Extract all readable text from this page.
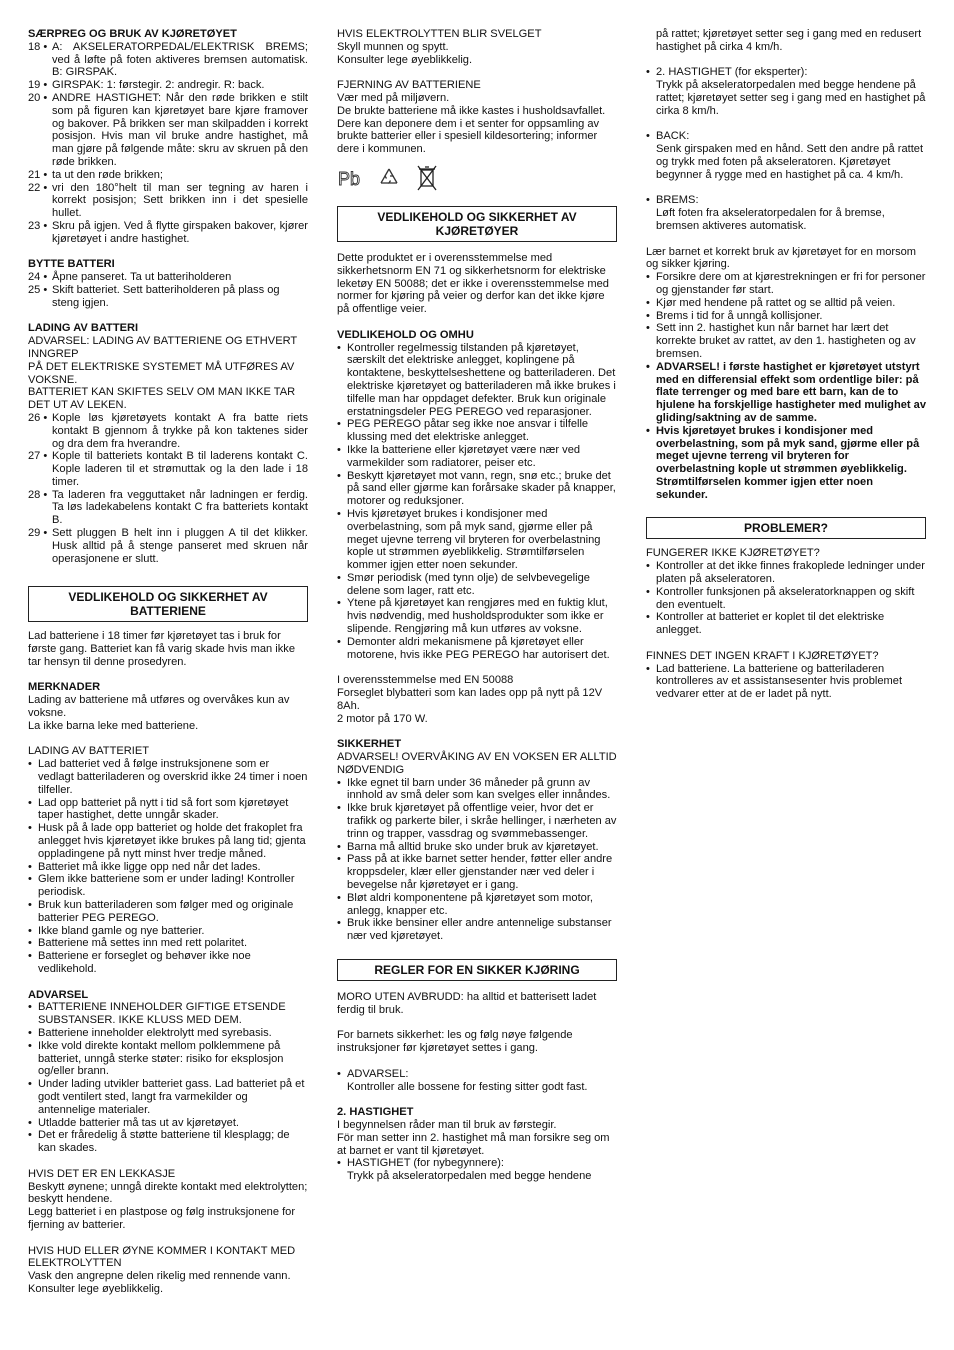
SÆRPREG OG BRUK AV KJØRETØYET

18 • A: AKSELERATORPEDAL/ELEKTRISK BREMS; ved å løfte på foten aktiveres bremsen automatisk. B: GIRSPAK.
19 • GIRSPAK: 1: førstegir. 2: andregir. R: back.
20 • ANDRE HASTIGHET: Når den røde brikken e stilt som på figuren kan kjøretøyet bare kjøre framover og bakover. På brikken ser man skilpadden i korrekt posisjon. Hvis man vil bruke andre hastighet, må man gjøre på følgende måte: skru av skruen på den røde brikken.
21 • ta ut den røde brikken;
22 • vri den 180°helt til man ser tegning av haren i korrekt posisjon; Sett brikken inn i det spesielle hullet.
23 • Skru på igjen. Ved å flytte girspaken bakover, kjører kjøretøyet i andre hastighet.

BYTTE BATTERI

24 • Åpne panseret. Ta ut batteriholderen
25 • Skift batteriet. Sett batteriholderen på plass og steng igjen.

LADING AV BATTERI

ADVARSEL: LADING AV BATTERIENE OG ETHVERT INNGREP

PÅ DET ELEKTRISKE SYSTEMET MÅ UTFØRES AV VOKSNE.

BATTERIET KAN SKIFTES SELV OM MAN IKKE TAR DET UT AV LEKEN.

26 • Kople løs kjøretøyets kontakt A fra batte riets kontakt B gjennom å trykke på kon taktenes sider og dra dem fra hverandre.
27 • Kople til batteriets kontakt B til laderens kontakt C. Kople laderen til et strømuttak og la den lade i 18 timer.
28 • Ta laderen fra vegguttaket når ladningen er ferdig. Ta løs ladekabelens kontakt C fra batteriets kontakt B.
29 • Sett pluggen B helt inn i pluggen A til det klikker. Husk alltid på å stenge panseret med skruen når operasjonene er slutt.
VEDLIKEHOLD OG SIKKERHET AV BATTERIENE

Lad batteriene i 18 timer før kjøretøyet tas i bruk for første gang. Batteriet kan få varig skade hvis man ikke tar hensyn til denne prosedyren.

MERKNADER

Lading av batteriene må utføres og overvåkes kun av voksne.

La ikke barna leke med batteriene.

LADING AV BATTERIET

• Lad batteriet ved å følge instruksjonene som er vedlagt batteriladeren og overskrid ikke 24 timer i noen tilfeller.
• Lad opp batteriet på nytt i tid så fort som kjøretøyet taper hastighet, dette unngår skader.
• Husk på å lade opp batteriet og holde det frakoplet fra anlegget hvis kjøretøyet ikke brukes på lang tid; gjenta oppladingene på nytt minst hver tredje måned.
• Batteriet må ikke ligge opp ned når det lades.
• Glem ikke batteriene som er under lading! Kontroller periodisk.
• Bruk kun batteriladeren som følger med og originale batterier PEG PEREGO.
• Ikke bland gamle og nye batterier.
• Batteriene må settes inn med rett polaritet.
• Batteriene er forseglet og behøver ikke noe vedlikehold.

ADVARSEL

• BATTERIENE INNEHOLDER GIFTIGE ETSENDE SUBSTANSER. IKKE KLUSS MED DEM.
• Batteriene inneholder elektrolytt med syrebasis.
• Ikke vold direkte kontakt mellom polklemmene på batteriet, unngå sterke støter: risiko for eksplosjon og/eller brann.
• Under lading utvikler batteriet gass. Lad batteriet på et godt ventilert sted, langt fra varmekilder og antennelige materialer.
• Utladde batterier må tas ut av kjøretøyet.
• Det er fråredelig å støtte batteriene til klesplagg; de kan skades.

HVIS DET ER EN LEKKASJE

Beskytt øynene; unngå direkte kontakt med elektrolytten; beskytt hendene.

Legg batteriet i en plastpose og følg instruksjonene for fjerning av batterier.

HVIS HUD ELLER ØYNE KOMMER I KONTAKT MED ELEKTROLYTTEN

Vask den angrepne delen rikelig med rennende vann. Konsulter lege øyeblikkelig.

HVIS ELEKTROLYTTEN BLIR SVELGET

Skyll munnen og spytt.

Konsulter lege øyeblikkelig.

FJERNING AV BATTERIENE

Vær med på miljøvern.

De brukte batteriene må ikke kastes i husholdsavfallet.

Dere kan deponere dem i et senter for oppsamling av brukte batterier eller i spesiell kildesortering; informer dere i kommunen.

Pb
VEDLIKEHOLD OG SIKKERHET AV KJØRETØYER

Dette produktet er i overensstemmelse med sikkerhetsnorm EN 71 og sikkerhetsnorm for elektriske leketøy EN 50088; det er ikke i overensstemmelse med normer for kjøring på veier og derfor kan det ikke kjøre på offentlige veier.

VEDLIKEHOLD OG OMHU

• Kontroller regelmessig tilstanden på kjøretøyet, særskilt det elektriske anlegget, koplingene på kontaktene, beskyttelseshettene og batteriladeren. Det elektriske kjøretøyet og batteriladeren må ikke brukes i tilfelle man har oppdaget defekter. Bruk kun originale erstatningsdeler PEG PEREGO ved reparasjoner.
• PEG PEREGO påtar seg ikke noe ansvar i tilfelle klussing med det elektriske anlegget.
• Ikke la batteriene eller kjøretøyet være nær ved varmekilder som radiatorer, peiser etc.
• Beskytt kjøretøyet mot vann, regn, snø etc.; bruke det på sand eller gjørme kan forårsake skader på knapper, motorer og reduksjoner.
• Hvis kjøretøyet brukes i kondisjoner med overbelastning, som på myk sand, gjørme eller på meget ujevne terreng vil bryteren for overbelastning kople ut strømmen øyeblikkelig. Strømtilførselen kommer igjen etter noen sekunder.
• Smør periodisk (med tynn olje) de selvbevegelige delene som lager, ratt etc.
• Ytene på kjøretøyet kan rengjøres med en fuktig klut, hvis nødvendig, med husholdsprodukter som ikke er slipende. Rengjøring må kun utføres av voksne.
• Demonter aldri mekanismene på kjøretøyet eller motorene, hvis ikke PEG PEREGO har autorisert det.

I overensstemmelse med EN 50088

Forseglet blybatteri som kan lades opp på nytt på 12V 8Ah.

2 motor på 170 W.

SIKKERHET

ADVARSEL! OVERVÅKING AV EN VOKSEN ER ALLTID NØDVENDIG

• Ikke egnet til barn under 36 måneder på grunn av innhold av små deler som kan svelges eller innåndes.
• Ikke bruk kjøretøyet på offentlige veier, hvor det er trafikk og parkerte biler, i skråe hellinger, i nærheten av trinn og trapper, vassdrag og svømmebassenger.
• Barna må alltid bruke sko under bruk av kjøretøyet.
• Pass på at ikke barnet setter hender, føtter eller andre kroppsdeler, klær eller gjenstander nær ved deler i bevegelse når kjøretøyet er i gang.
• Bløt aldri komponentene på kjøretøyet som motor, anlegg, knapper etc.
• Bruk ikke bensiner eller andre antennelige substanser nær ved kjøretøyet.
REGLER FOR EN SIKKER KJØRING

MORO UTEN AVBRUDD: ha alltid et batterisett ladet ferdig til bruk.

For barnets sikkerhet: les og følg nøye følgende instruksjoner før kjøretøyet settes i gang.

• ADVARSEL:
Kontroller alle bossene for festing sitter godt fast.

2. HASTIGHET

I begynnelsen råder man til bruk av førstegir.

För man setter inn 2. hastighet må man forsikre seg om at barnet er vant til kjøretøyet.

• HASTIGHET (for nybegynnere):
Trykk på akseleratorpedalen med begge hendene

på rattet; kjøretøyet setter seg i gang med en redusert hastighet på cirka 4 km/h.

• 2. HASTIGHET (for eksperter):
Trykk på akseleratorpedalen med begge hendene på rattet; kjøretøyet setter seg i gang med en hastighet på cirka 8 km/h.
• BACK:
Senk girspaken med en hånd. Sett den andre på rattet og trykk med foten på akseleratoren. Kjøretøyet begynner å rygge med en hastighet på ca. 4 km/h.
• BREMS:
Løft foten fra akseleratorpedalen for å bremse, bremsen aktiveres automatisk.

Lær barnet et korrekt bruk av kjøretøyet for en morsom og sikker kjøring.

• Forsikre dere om at kjørestrekningen er fri for personer og gjenstander før start.
• Kjør med hendene på rattet og se alltid på veien.
• Brems i tid for å unngå kollisjoner.
• Sett inn 2. hastighet kun når barnet har lært det korrekte bruket av rattet, av den 1. hastigheten og av bremsen.
• ADVARSEL! i første hastighet er kjøretøyet utstyrt med en differensial effekt som ordentlige biler: på flate terrenger og med bare ett barn, kan de to hjulene ha forskjellige hastigheter med mulighet av gliding/saktning av de samme.
• Hvis kjøretøyet brukes i kondisjoner med overbelastning, som på myk sand, gjørme eller på meget ujevne terreng vil bryteren for overbelastning kople ut strømmen øyeblikkelig. Strømtilførselen kommer igjen etter noen sekunder.
PROBLEMER?

FUNGERER IKKE KJØRETØYET?

• Kontroller at det ikke finnes frakoplede ledninger under platen på akseleratoren.
• Kontroller funksjonen på akseleratorknappen og skift den eventuelt.
• Kontroller at batteriet er koplet til det elektriske anlegget.

FINNES DET INGEN KRAFT I KJØRETØYET?

• Lad batteriene. La batteriene og batteriladeren kontrolleres av et assistansesenter hvis problemet vedvarer etter at de er ladet på nytt.
